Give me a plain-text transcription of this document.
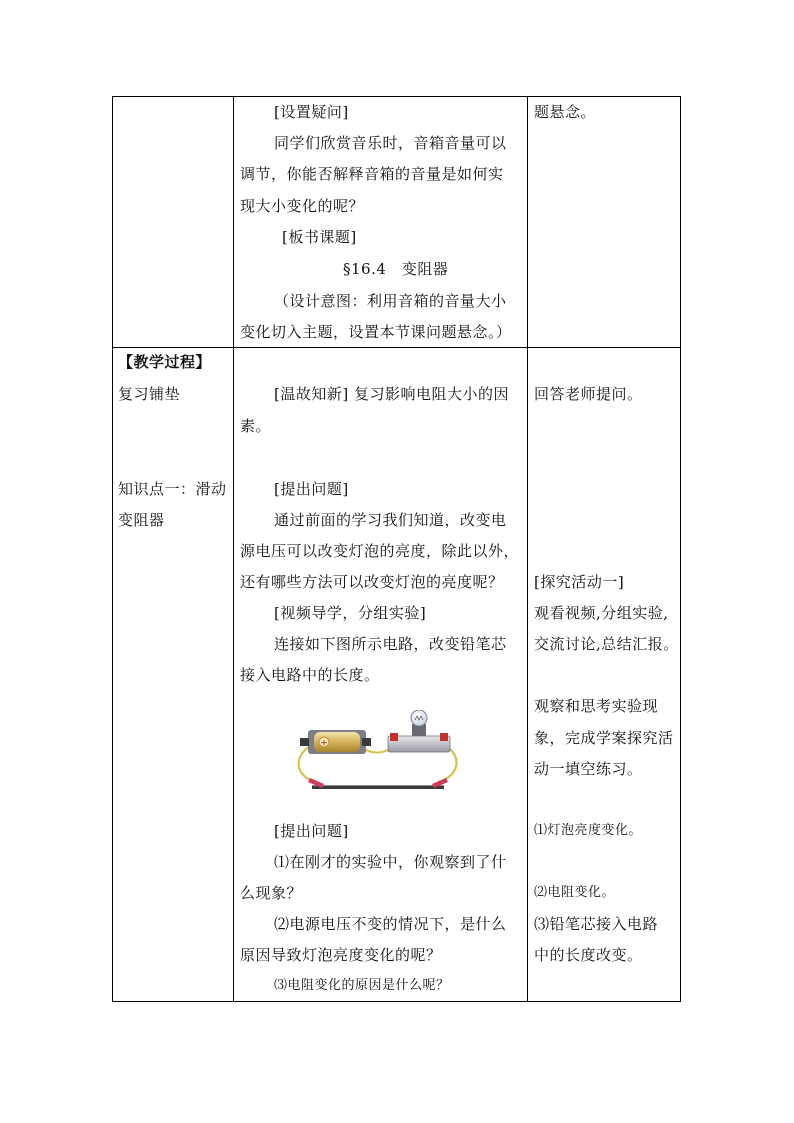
[设置疑问]
同学们欣赏音乐时，音箱音量可以
调节，你能否解释音箱的音量是如何实
现大小变化的呢？
[板书课题]
§16.4　变阻器
（设计意图：利用音箱的音量大小
变化切入主题，设置本节课问题悬念。）
题悬念。
【教学过程】
复习铺垫
知识点一：滑动
变阻器
[温故知新] 复习影响电阻大小的因
素。
[提出问题]
通过前面的学习我们知道，改变电
源电压可以改变灯泡的亮度，除此以外，
还有哪些方法可以改变灯泡的亮度呢？
[视频导学，分组实验]
连接如下图所示电路，改变铅笔芯
接入电路中的长度。
[提出问题]
⑴在刚才的实验中，你观察到了什
么现象？
⑵电源电压不变的情况下，是什么
原因导致灯泡亮度变化的呢？
⑶电阻变化的原因是什么呢？
回答老师提问。
[探究活动一]
观看视频,分组实验,
交流讨论,总结汇报。
观察和思考实验现
象，完成学案探究活
动一填空练习。
⑴灯泡亮度变化。
⑵电阻变化。
⑶铅笔芯接入电路
中的长度改变。
+
